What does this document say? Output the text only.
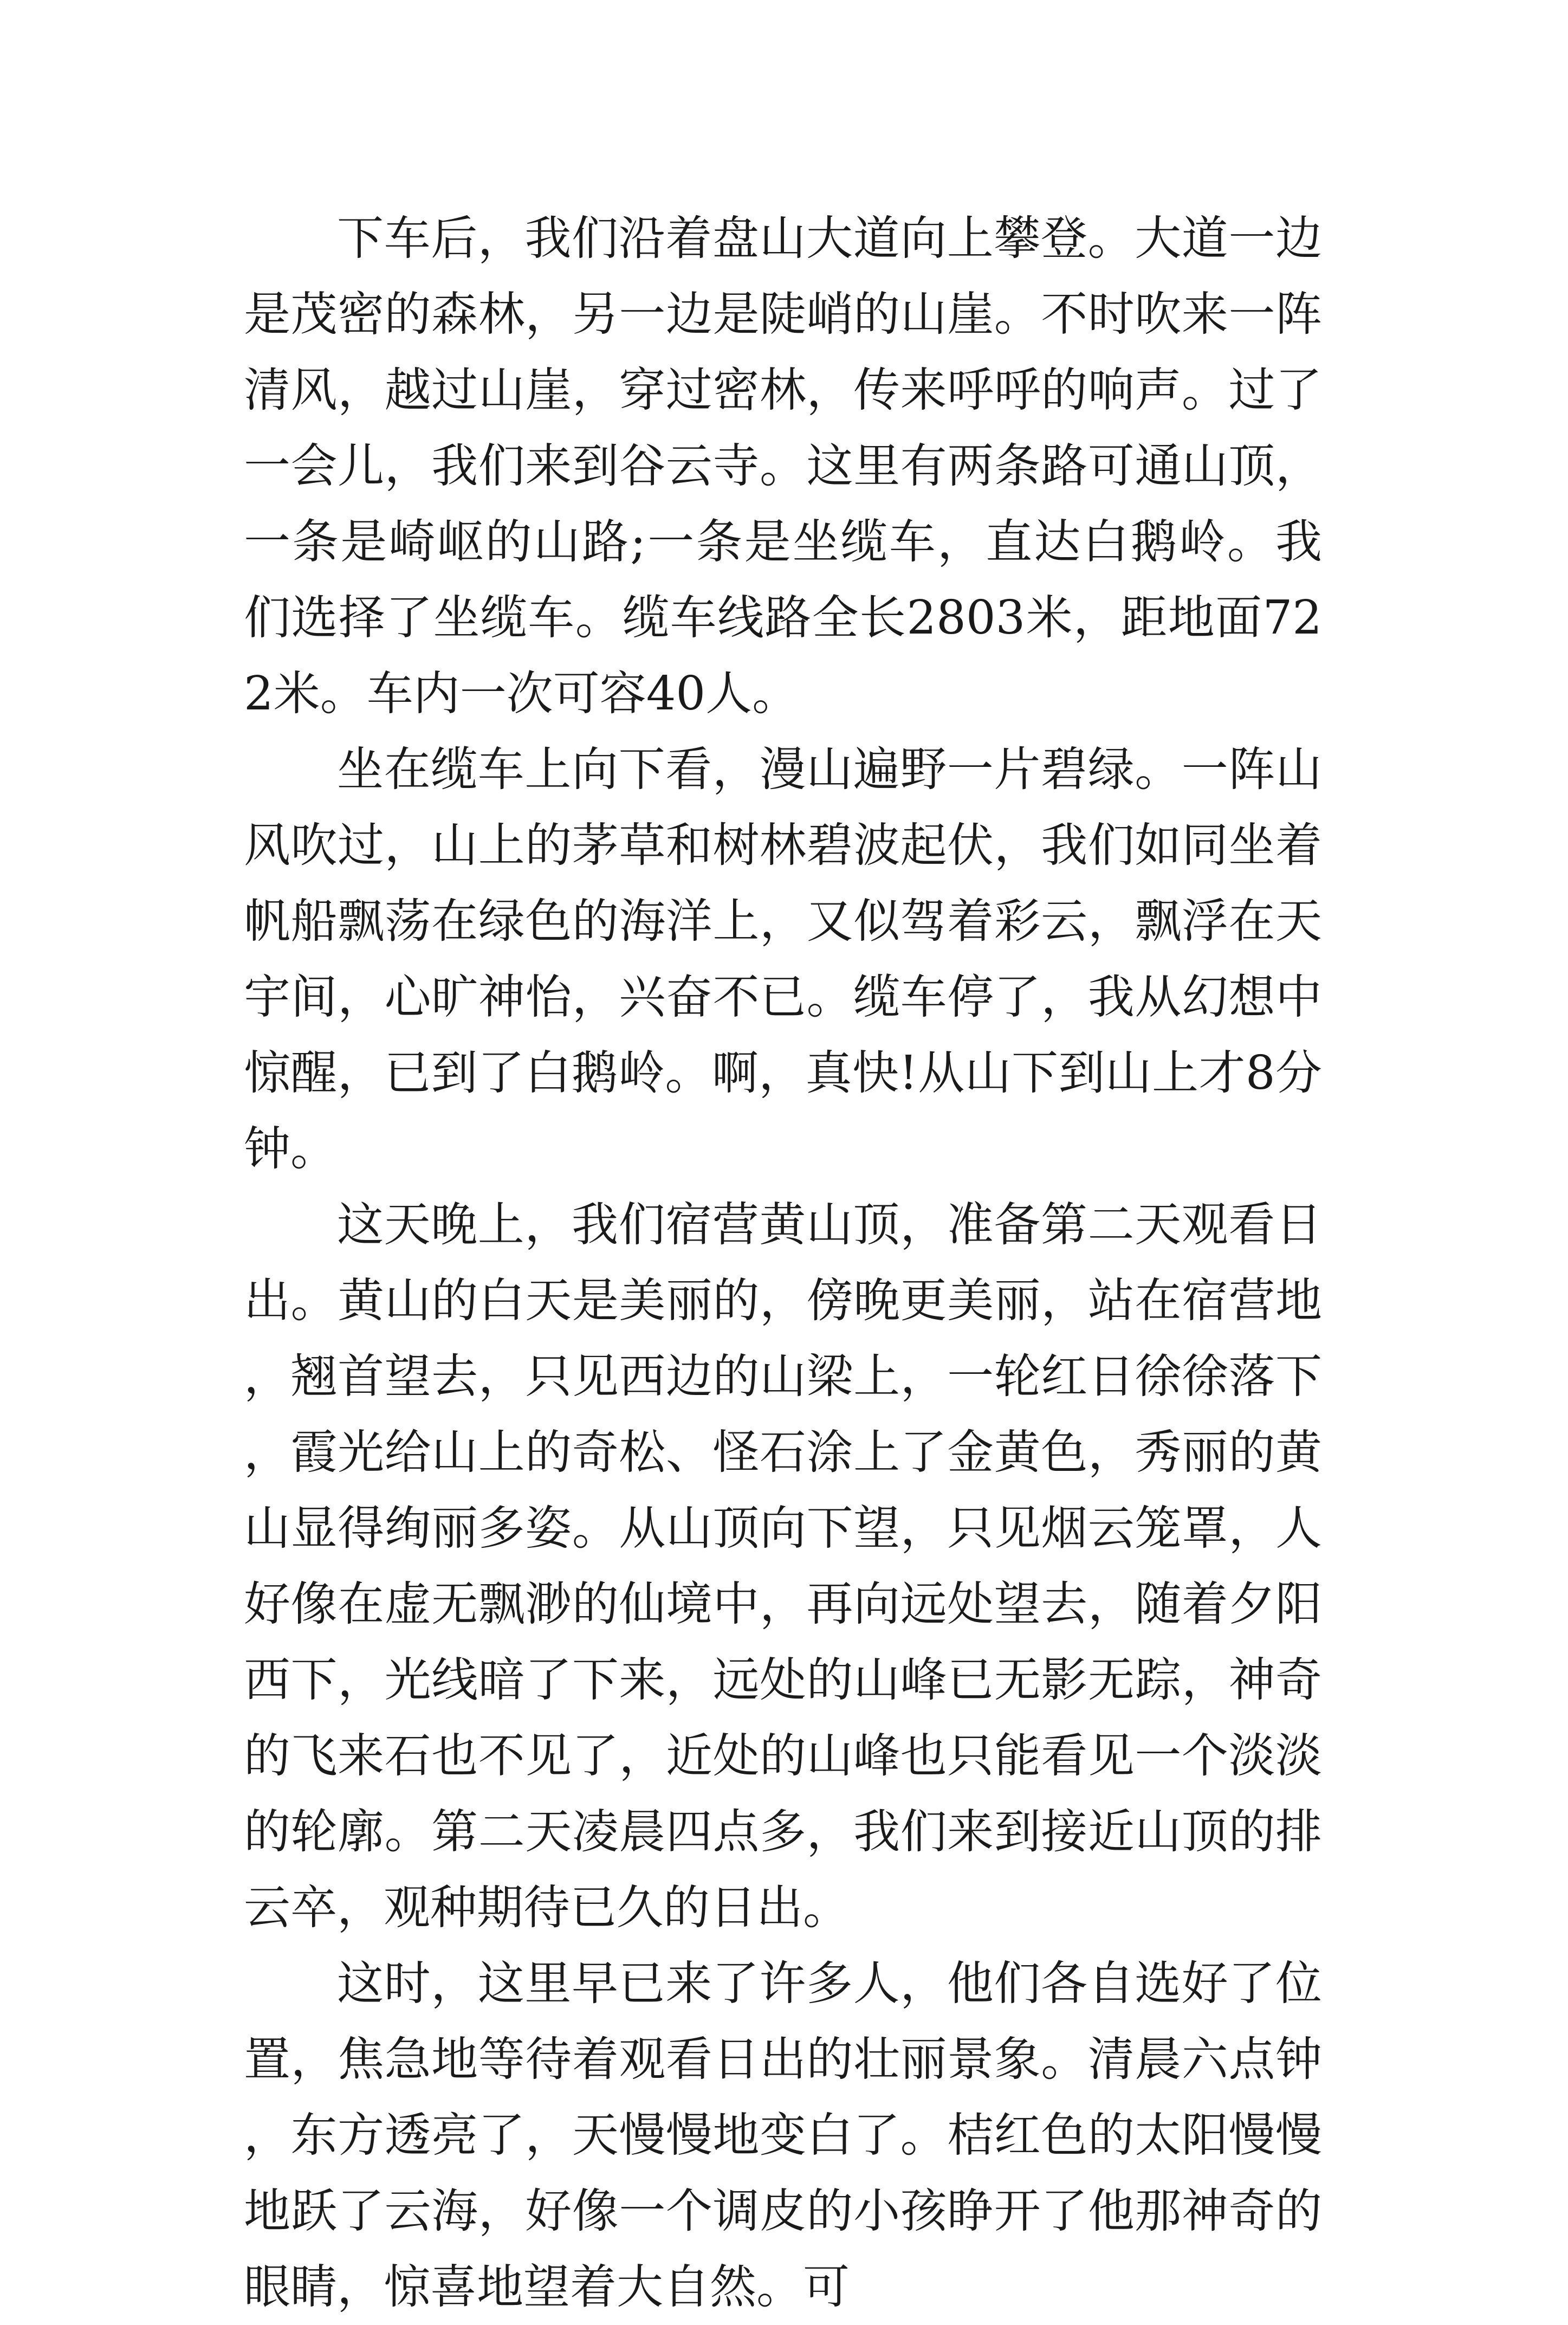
下车后，我们沿着盘山大道向上攀登。大道一边是茂密的森林，另一边是陡峭的山崖。不时吹来一阵清风，越过山崖，穿过密林，传来呼呼的响声。过了一会儿，我们来到谷云寺。这里有两条路可通山顶，一条是崎岖的山路;一条是坐缆车，直达白鹅岭。我们选择了坐缆车。缆车线路全长2803米，距地面722米。车内一次可容40人。

坐在缆车上向下看，漫山遍野一片碧绿。一阵山风吹过，山上的茅草和树林碧波起伏，我们如同坐着帆船飘荡在绿色的海洋上，又似驾着彩云，飘浮在天宇间，心旷神怡，兴奋不已。缆车停了，我从幻想中惊醒，已到了白鹅岭。啊，真快!从山下到山上才8分钟。

这天晚上，我们宿营黄山顶，准备第二天观看日出。黄山的白天是美丽的，傍晚更美丽，站在宿营地，翘首望去，只见西边的山梁上，一轮红日徐徐落下，霞光给山上的奇松、怪石涂上了金黄色，秀丽的黄山显得绚丽多姿。从山顶向下望，只见烟云笼罩，人好像在虚无飘渺的仙境中，再向远处望去，随着夕阳西下，光线暗了下来，远处的山峰已无影无踪，神奇的飞来石也不见了，近处的山峰也只能看见一个淡淡的轮廓。第二天凌晨四点多，我们来到接近山顶的排云卒，观种期待已久的日出。

这时，这里早已来了许多人，他们各自选好了位置，焦急地等待着观看日出的壮丽景象。清晨六点钟，东方透亮了，天慢慢地变白了。桔红色的太阳慢慢地跃了云海，好像一个调皮的小孩睁开了他那神奇的眼睛，惊喜地望着大自然。可
